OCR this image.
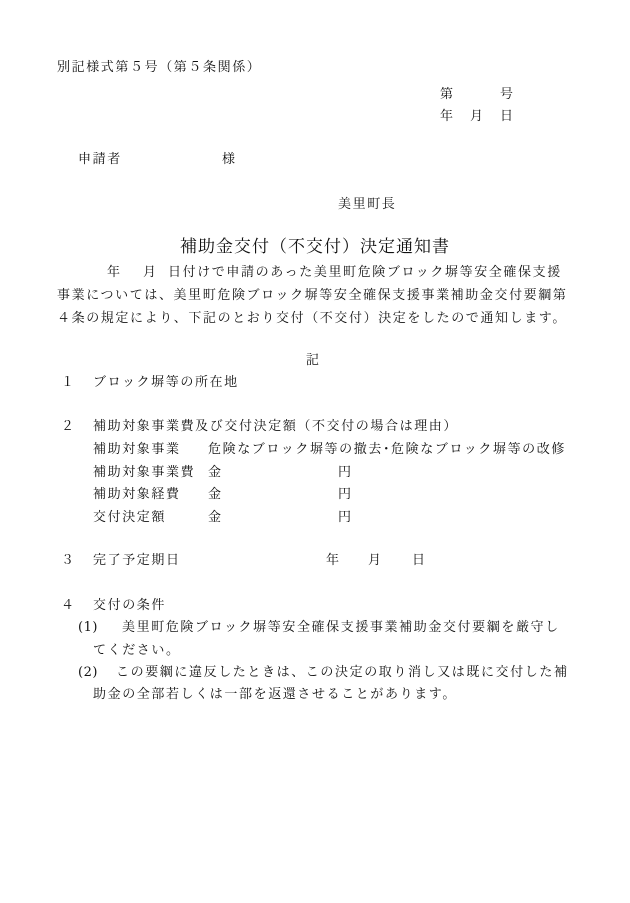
別記様式第５号（第５条関係）
第	号
年 月 日
申請者	様
美里町長
補助金交付（不交付）決定通知書
年 月 日付けで申請のあった美里町危険ブロック塀等安全確保支援
事業については、美里町危険ブロック塀等安全確保支援事業補助金交付要綱第
４条の規定により、下記のとおり交付（不交付）決定をしたので通知します。
記
１ ブロック塀等の所在地
２ 補助対象事業費及び交付決定額（不交付の場合は理由）
補助対象事業 危険なブロック塀等の撤去･危険なブロック塀等の改修
補助対象事業費 金	円
補助対象経費 金	円
交付決定額	金	円
３ 完了予定期日	年 月 日
４ 交付の条件
(1) 美里町危険ブロック塀等安全確保支援事業補助金交付要綱を厳守し
てください。
(2) この要綱に違反したときは、この決定の取り消し又は既に交付した補
助金の全部若しくは一部を返還させることがあります。
